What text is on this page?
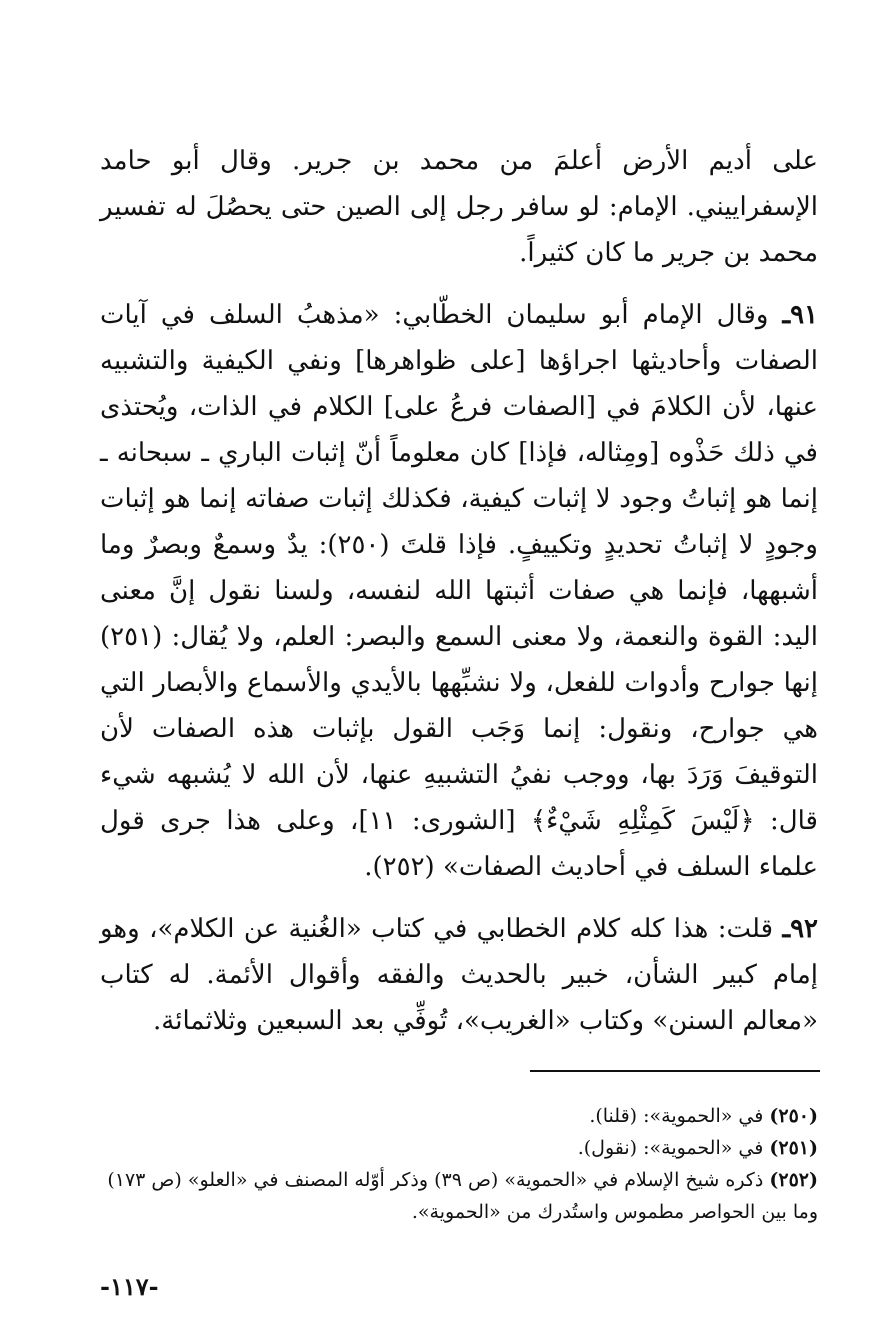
على أديم الأرض أعلمَ من محمد بن جرير. وقال أبو حامد الإسفراييني. الإمام: لو سافر رجل إلى الصين حتى يحصُلَ له تفسير محمد بن جرير ما كان كثيراً.

٩١ـ وقال الإمام أبو سليمان الخطّابي: «مذهبُ السلف في آيات الصفات وأحاديثها اجراؤها [على ظواهرها] ونفي الكيفية والتشبيه عنها، لأن الكلامَ في [الصفات فرعُ على] الكلام في الذات، ويُحتذى في ذلك حَذْوه [ومِثاله، فإذا] كان معلوماً أنّ إثبات الباري ـ سبحانه ـ إنما هو إثباتُ وجود لا إثبات كيفية، فكذلك إثبات صفاته إنما هو إثبات وجودٍ لا إثباتُ تحديدٍ وتكييفٍ. فإذا قلتَ (٢٥٠): يدٌ وسمعٌ وبصرٌ وما أشبهها، فإنما هي صفات أثبتها الله لنفسه، ولسنا نقول إنَّ معنى اليد: القوة والنعمة، ولا معنى السمع والبصر: العلم، ولا يُقال: (٢٥١) إنها جوارح وأدوات للفعل، ولا نشبِّهها بالأيدي والأسماع والأبصار التي هي جوارح، ونقول: إنما وَجَب القول بإثبات هذه الصفات لأن التوقيفَ وَرَدَ بها، ووجب نفيُ التشبيهِ عنها، لأن الله لا يُشبهه شيء قال: ﴿لَيْسَ كَمِثْلِهِ شَيْءٌ﴾ [الشورى: ١١]، وعلى هذا جرى قول علماء السلف في أحاديث الصفات» (٢٥٢).

٩٢ـ قلت: هذا كله كلام الخطابي في كتاب «الغُنية عن الكلام»، وهو إمام كبير الشأن، خبير بالحديث والفقه وأقوال الأئمة. له كتاب «معالم السنن» وكتاب «الغريب»، تُوفِّي بعد السبعين وثلاثمائة.

(٢٥٠) في «الحموية»: (قلنا).

(٢٥١) في «الحموية»: (نقول).

(٢٥٢) ذكره شيخ الإسلام في «الحموية» (ص ٣٩) وذكر أوّله المصنف في «العلو» (ص ١٧٣) وما بين الحواصر مطموس واستُدرك من «الحموية».

-١١٧-
